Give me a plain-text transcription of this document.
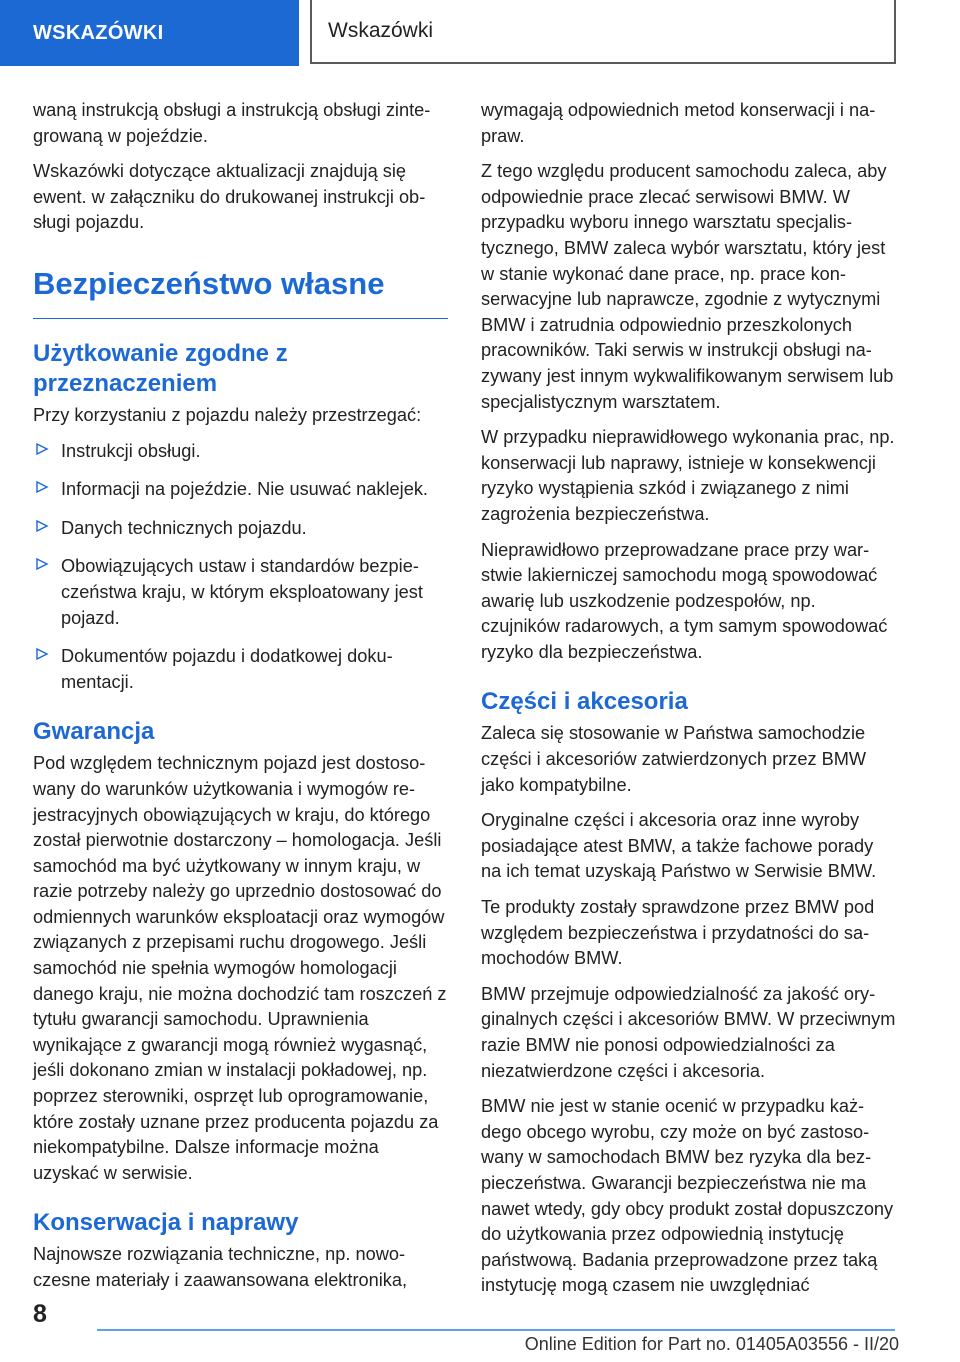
WSKAZÓWKI	Wskazówki

waną instrukcją obsługi a instrukcją obsługi zintegrowaną w pojeździe.

Wskazówki dotyczące aktualizacji znajdują się ewent. w załączniku do drukowanej instrukcji obsługi pojazdu.

Bezpieczeństwo własne
Użytkowanie zgodne z przeznaczeniem

Przy korzystaniu z pojazdu należy przestrzegać:

Instrukcji obsługi.
Informacji na pojeździe. Nie usuwać naklejek.
Danych technicznych pojazdu.
Obowiązujących ustaw i standardów bezpieczeństwa kraju, w którym eksploatowany jest pojazd.
Dokumentów pojazdu i dodatkowej dokumentacji.
Gwarancja

Pod względem technicznym pojazd jest dostosowany do warunków użytkowania i wymogów rejestracyjnych obowiązujących w kraju, do którego został pierwotnie dostarczony – homologacja. Jeśli samochód ma być użytkowany w innym kraju, w razie potrzeby należy go uprzednio dostosować do odmiennych warunków eksploatacji oraz wymogów związanych z przepisami ruchu drogowego. Jeśli samochód nie spełnia wymogów homologacji danego kraju, nie można dochodzić tam roszczeń z tytułu gwarancji samochodu. Uprawnienia wynikające z gwarancji mogą również wygasnąć, jeśli dokonano zmian w instalacji pokładowej, np. poprzez sterowniki, osprzęt lub oprogramowanie, które zostały uznane przez producenta pojazdu za niekompatybilne. Dalsze informacje można uzyskać w serwisie.

Konserwacja i naprawy

Najnowsze rozwiązania techniczne, np. nowoczesne materiały i zaawansowana elektronika,

wymagają odpowiednich metod konserwacji i napraw.

Z tego względu producent samochodu zaleca, aby odpowiednie prace zlecać serwisowi BMW. W przypadku wyboru innego warsztatu specjalistycznego, BMW zaleca wybór warsztatu, który jest w stanie wykonać dane prace, np. prace konserwacyjne lub naprawcze, zgodnie z wytycznymi BMW i zatrudnia odpowiednio przeszkolonych pracowników. Taki serwis w instrukcji obsługi nazywany jest innym wykwalifikowanym serwisem lub specjalistycznym warsztatem.

W przypadku nieprawidłowego wykonania prac, np. konserwacji lub naprawy, istnieje w konsekwencji ryzyko wystąpienia szkód i związanego z nimi zagrożenia bezpieczeństwa.

Nieprawidłowo przeprowadzane prace przy warstwie lakierniczej samochodu mogą spowodować awarię lub uszkodzenie podzespołów, np. czujników radarowych, a tym samym spowodować ryzyko dla bezpieczeństwa.

Części i akcesoria

Zaleca się stosowanie w Państwa samochodzie części i akcesoriów zatwierdzonych przez BMW jako kompatybilne.

Oryginalne części i akcesoria oraz inne wyroby posiadające atest BMW, a także fachowe porady na ich temat uzyskają Państwo w Serwisie BMW.

Te produkty zostały sprawdzone przez BMW pod względem bezpieczeństwa i przydatności do samochodów BMW.

BMW przejmuje odpowiedzialność za jakość oryginalnych części i akcesoriów BMW. W przeciwnym razie BMW nie ponosi odpowiedzialności za niezatwierdzone części i akcesoria.

BMW nie jest w stanie ocenić w przypadku każdego obcego wyrobu, czy może on być zastosowany w samochodach BMW bez ryzyka dla bezpieczeństwa. Gwarancji bezpieczeństwa nie ma nawet wtedy, gdy obcy produkt został dopuszczony do użytkowania przez odpowiednią instytucję państwową. Badania przeprowadzone przez taką instytucję mogą czasem nie uwzględniać

8
Online Edition for Part no. 01405A03556 - II/20
